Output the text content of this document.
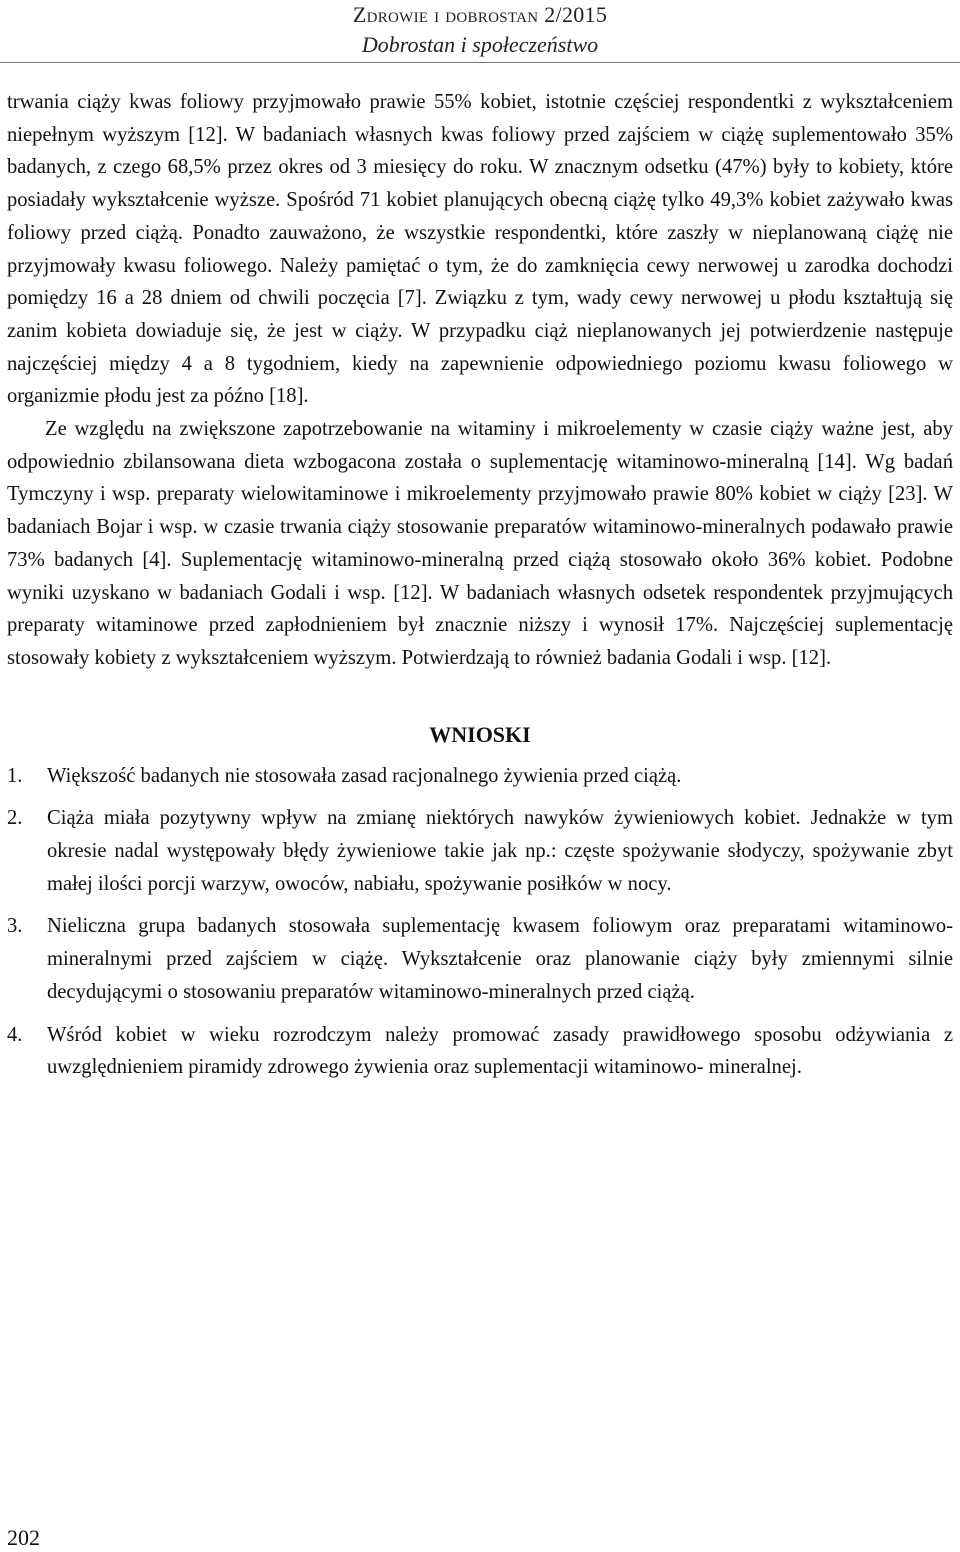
Zdrowie i dobrostan 2/2015
Dobrostan i społeczeństwo

trwania ciąży kwas foliowy przyjmowało prawie 55% kobiet, istotnie częściej respondentki z wykształceniem niepełnym wyższym [12]. W badaniach własnych kwas foliowy przed zajściem w ciążę suplementowało 35% badanych, z czego 68,5% przez okres od 3 miesięcy do roku. W znacznym odsetku (47%) były to kobiety, które posiadały wykształcenie wyższe. Spośród 71 kobiet planujących obecną ciążę tylko 49,3% kobiet zażywało kwas foliowy przed ciążą. Ponadto zauważono, że wszystkie respondentki, które zaszły w nieplanowaną ciążę nie przyjmowały kwasu foliowego. Należy pamiętać o tym, że do zamknięcia cewy nerwowej u zarodka dochodzi pomiędzy 16 a 28 dniem od chwili poczęcia [7]. Związku z tym, wady cewy nerwowej u płodu kształtują się zanim kobieta dowiaduje się, że jest w ciąży. W przypadku ciąż nieplanowanych jej potwierdzenie następuje najczęściej między 4 a 8 tygodniem, kiedy na zapewnienie odpowiedniego poziomu kwasu foliowego w organizmie płodu jest za późno [18].

Ze względu na zwiększone zapotrzebowanie na witaminy i mikroelementy w czasie ciąży ważne jest, aby odpowiednio zbilansowana dieta wzbogacona została o suplementację witaminowo-mineralną [14]. Wg badań Tymczyny i wsp. preparaty wielowitaminowe i mikroelementy przyjmowało prawie 80% kobiet w ciąży [23]. W badaniach Bojar i wsp. w czasie trwania ciąży stosowanie preparatów witaminowo-mineralnych podawało prawie 73% badanych [4]. Suplementację witaminowo-mineralną przed ciążą stosowało około 36% kobiet. Podobne wyniki uzyskano w badaniach Godali i wsp. [12]. W badaniach własnych odsetek respondentek przyjmujących preparaty witaminowe przed zapłodnieniem był znacznie niższy i wynosił 17%. Najczęściej suplementację stosowały kobiety z wykształceniem wyższym. Potwierdzają to również badania Godali i wsp. [12].

WNIOSKI
1.	Większość badanych nie stosowała zasad racjonalnego żywienia przed ciążą.
2.	Ciąża miała pozytywny wpływ na zmianę niektórych nawyków żywieniowych kobiet. Jednakże w tym okresie nadal występowały błędy żywieniowe takie jak np.: częste spożywanie słodyczy, spożywanie zbyt małej ilości porcji warzyw, owoców, nabiału, spożywanie posiłków w nocy.
3.	Nieliczna grupa badanych stosowała suplementację kwasem foliowym oraz preparatami witaminowo-mineralnymi przed zajściem w ciążę. Wykształcenie oraz planowanie ciąży były zmiennymi silnie decydującymi o stosowaniu preparatów witaminowo-mineralnych przed ciążą.
4.	Wśród kobiet w wieku rozrodczym należy promować zasady prawidłowego sposobu odżywiania z uwzględnieniem piramidy zdrowego żywienia oraz suplementacji witaminowo- mineralnej.
202
